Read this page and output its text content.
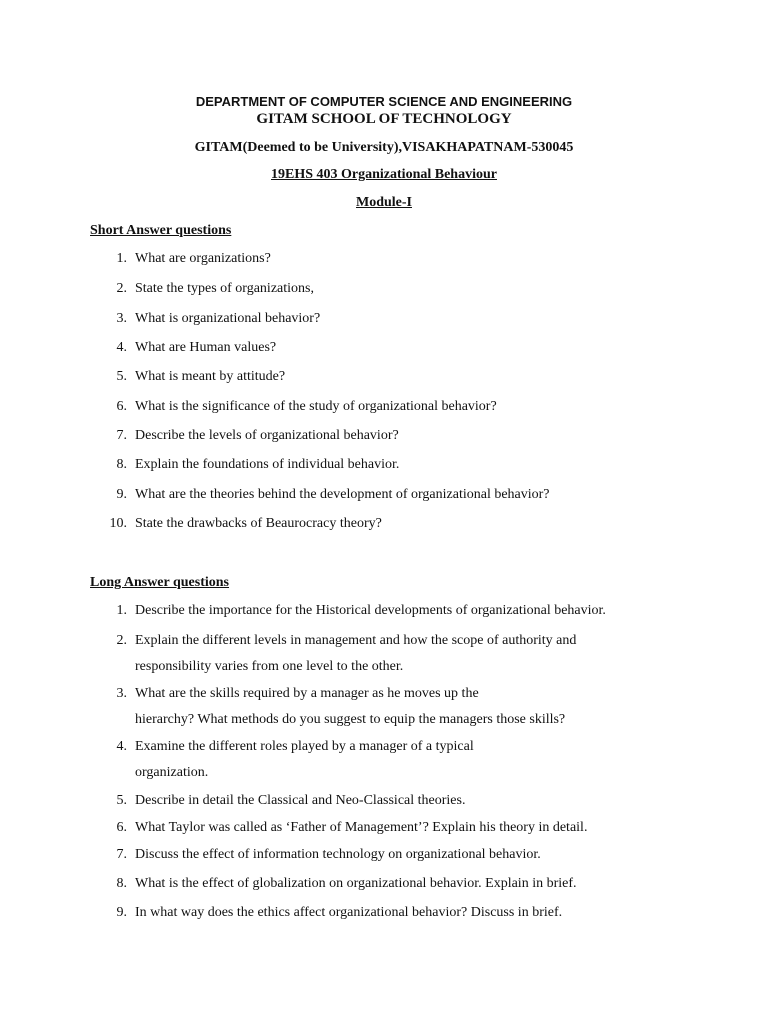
DEPARTMENT OF COMPUTER SCIENCE AND ENGINEERING
GITAM SCHOOL OF TECHNOLOGY
GITAM(Deemed to be University),VISAKHAPATNAM-530045
19EHS 403 Organizational Behaviour
Module-I
Short Answer questions
1. What are organizations?
2. State the types of organizations,
3. What is organizational behavior?
4. What are Human values?
5. What is meant by attitude?
6. What is the significance of the study of organizational behavior?
7. Describe the levels of organizational behavior?
8. Explain the foundations of individual behavior.
9. What are the theories behind the development of organizational behavior?
10. State the drawbacks of Beaurocracy theory?
Long Answer questions
1. Describe the importance for the Historical developments of organizational behavior.
2. Explain the different levels in management and how the scope of authority and
responsibility varies from one level to the other.
3. What are the skills required by a manager as he moves up the
hierarchy? What methods do you suggest to equip the managers those skills?
4. Examine the different roles played by a manager of a typical
organization.
5. Describe in detail the Classical and Neo-Classical theories.
6. What Taylor was called as ‘Father of Management’? Explain his theory in detail.
7. Discuss the effect of information technology on organizational behavior.
8. What is the effect of globalization on organizational behavior. Explain in brief.
9. In what way does the ethics affect organizational behavior? Discuss in brief.
